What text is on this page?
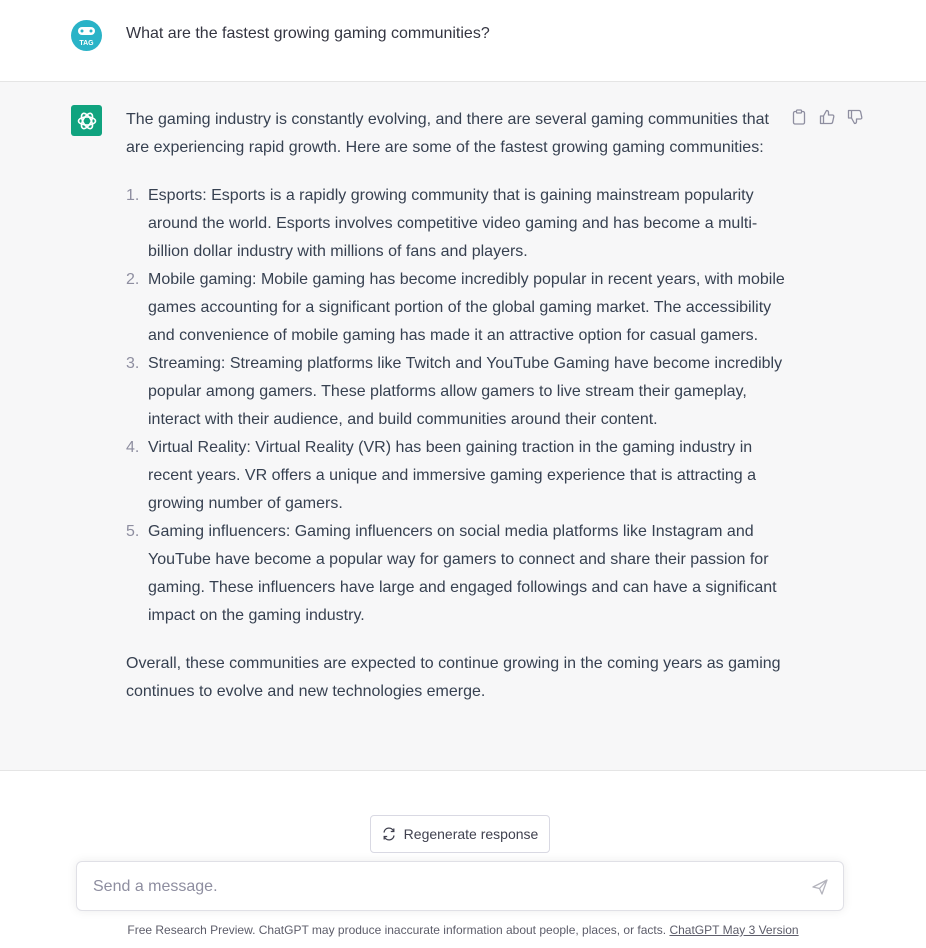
TAG
What are the fastest growing gaming communities?

The gaming industry is constantly evolving, and there are several gaming communities that are experiencing rapid growth. Here are some of the fastest growing gaming communities:

1. Esports: Esports is a rapidly growing community that is gaining mainstream popularity around the world. Esports involves competitive video gaming and has become a multi-billion dollar industry with millions of fans and players.
2. Mobile gaming: Mobile gaming has become incredibly popular in recent years, with mobile games accounting for a significant portion of the global gaming market. The accessibility and convenience of mobile gaming has made it an attractive option for casual gamers.
3. Streaming: Streaming platforms like Twitch and YouTube Gaming have become incredibly popular among gamers. These platforms allow gamers to live stream their gameplay, interact with their audience, and build communities around their content.
4. Virtual Reality: Virtual Reality (VR) has been gaining traction in the gaming industry in recent years. VR offers a unique and immersive gaming experience that is attracting a growing number of gamers.
5. Gaming influencers: Gaming influencers on social media platforms like Instagram and YouTube have become a popular way for gamers to connect and share their passion for gaming. These influencers have large and engaged followings and can have a significant impact on the gaming industry.

Overall, these communities are expected to continue growing in the coming years as gaming continues to evolve and new technologies emerge.

Regenerate response
Send a message.
Free Research Preview. ChatGPT may produce inaccurate information about people, places, or facts. ChatGPT May 3 Version
